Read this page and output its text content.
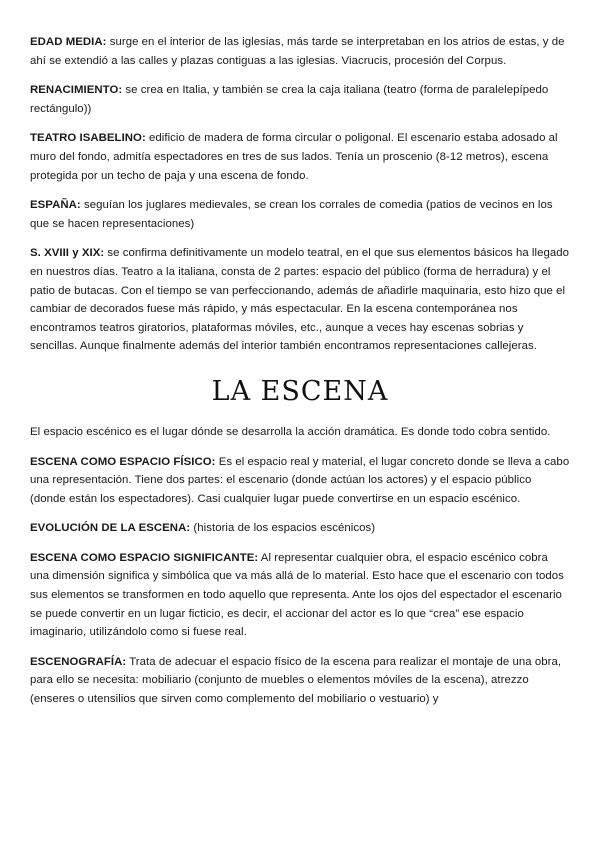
EDAD MEDIA: surge en el interior de las iglesias, más tarde se interpretaban en los atrios de estas, y de ahí se extendió a las calles y plazas contiguas a las iglesias. Viacrucis, procesión del Corpus.

RENACIMIENTO: se crea en Italia, y también se crea la caja italiana (teatro (forma de paralelepípedo rectángulo))

TEATRO ISABELINO: edificio de madera de forma circular o poligonal. El escenario estaba adosado al muro del fondo, admitía espectadores en tres de sus lados. Tenía un proscenio (8-12 metros), escena protegida por un techo de paja y una escena de fondo.

ESPAÑA: seguían los juglares medievales, se crean los corrales de comedia (patios de vecinos en los que se hacen representaciones)

S. XVIII y XIX: se confirma definitivamente un modelo teatral, en el que sus elementos básicos ha llegado en nuestros días. Teatro a la italiana, consta de 2 partes: espacio del público (forma de herradura) y el patio de butacas. Con el tiempo se van perfeccionando, además de añadirle maquinaria, esto hizo que el cambiar de decorados fuese más rápido, y más espectacular. En la escena contemporánea nos encontramos teatros giratorios, plataformas móviles, etc., aunque a veces hay escenas sobrias y sencillas. Aunque finalmente además del interior también encontramos representaciones callejeras.

LA ESCENA

El espacio escénico es el lugar dónde se desarrolla la acción dramática. Es donde todo cobra sentido.

ESCENA COMO ESPACIO FÍSICO: Es el espacio real y material, el lugar concreto donde se lleva a cabo una representación. Tiene dos partes: el escenario (donde actúan los actores) y el espacio público (donde están los espectadores). Casi cualquier lugar puede convertirse en un espacio escénico.

EVOLUCIÓN DE LA ESCENA: (historia de los espacios escénicos)

ESCENA COMO ESPACIO SIGNIFICANTE: Al representar cualquier obra, el espacio escénico cobra una dimensión significa y simbólica que va más allá de lo material. Esto hace que el escenario con todos sus elementos se transformen en todo aquello que representa. Ante los ojos del espectador el escenario se puede convertir en un lugar ficticio, es decir, el accionar del actor es lo que “crea” ese espacio imaginario, utilizándolo como si fuese real.

ESCENOGRAFÍA: Trata de adecuar el espacio físico de la escena para realizar el montaje de una obra, para ello se necesita: mobiliario (conjunto de muebles o elementos móviles de la escena), atrezzo (enseres o utensilios que sirven como complemento del mobiliario o vestuario) y
